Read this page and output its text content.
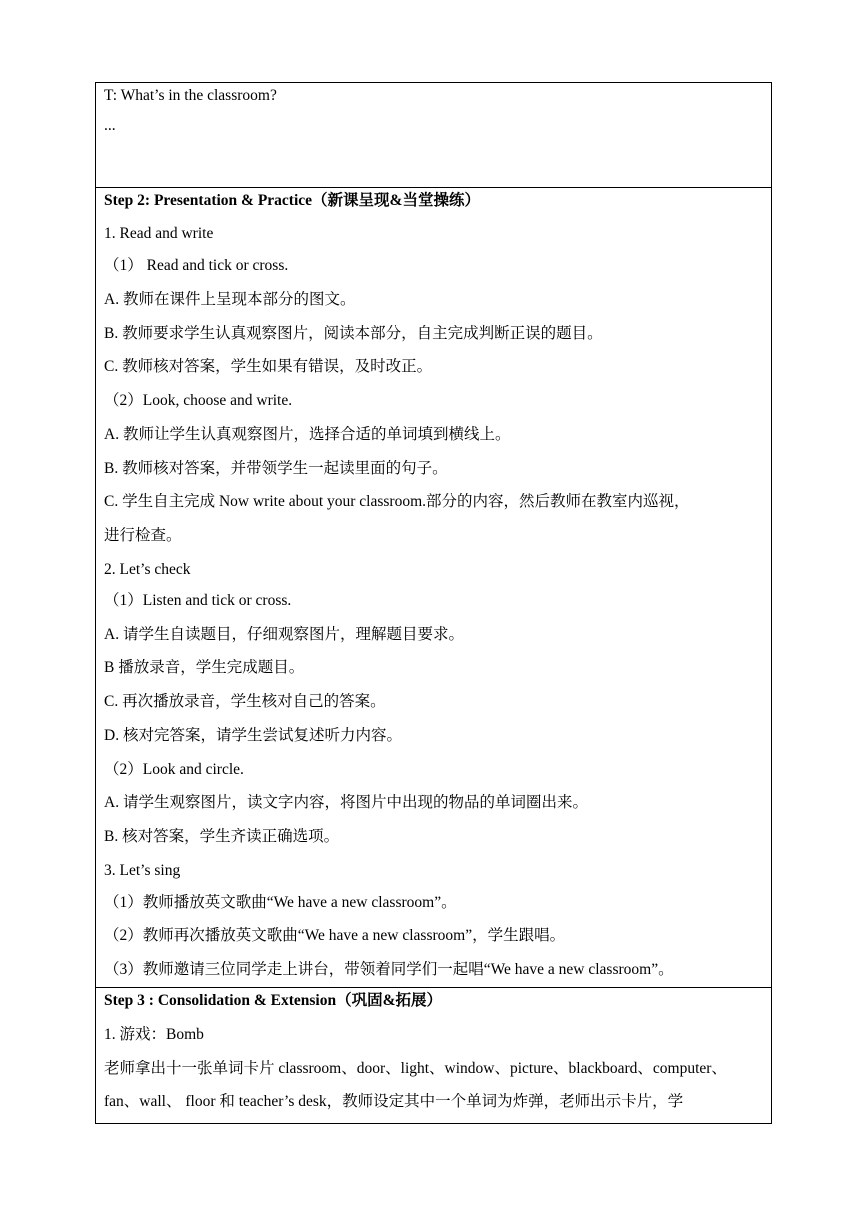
T: What’s in the classroom?
...
Step 2: Presentation & Practice（新课呈现&当堂操练）
1. Read and write
（1） Read and tick or cross.
A. 教师在课件上呈现本部分的图文。
B. 教师要求学生认真观察图片，阅读本部分，自主完成判断正误的题目。
C. 教师核对答案，学生如果有错误，及时改正。
（2）Look, choose and write.
A. 教师让学生认真观察图片，选择合适的单词填到横线上。
B. 教师核对答案，并带领学生一起读里面的句子。
C. 学生自主完成 Now write about your classroom.部分的内容，然后教师在教室内巡视，
进行检查。
2. Let’s check
（1）Listen and tick or cross.
A. 请学生自读题目，仔细观察图片，理解题目要求。
B 播放录音，学生完成题目。
C. 再次播放录音，学生核对自己的答案。
D. 核对完答案，请学生尝试复述听力内容。
（2）Look and circle.
A. 请学生观察图片，读文字内容，将图片中出现的物品的单词圈出来。
B. 核对答案，学生齐读正确选项。
3. Let’s sing
（1）教师播放英文歌曲“We have a new classroom”。
（2）教师再次播放英文歌曲“We have a new classroom”，学生跟唱。
（3）教师邀请三位同学走上讲台，带领着同学们一起唱“We have a new classroom”。
Step 3 : Consolidation & Extension（巩固&拓展）
1. 游戏：Bomb
老师拿出十一张单词卡片 classroom、door、light、window、picture、blackboard、computer、
fan、wall、 floor 和 teacher’s desk，教师设定其中一个单词为炸弹，老师出示卡片，学
